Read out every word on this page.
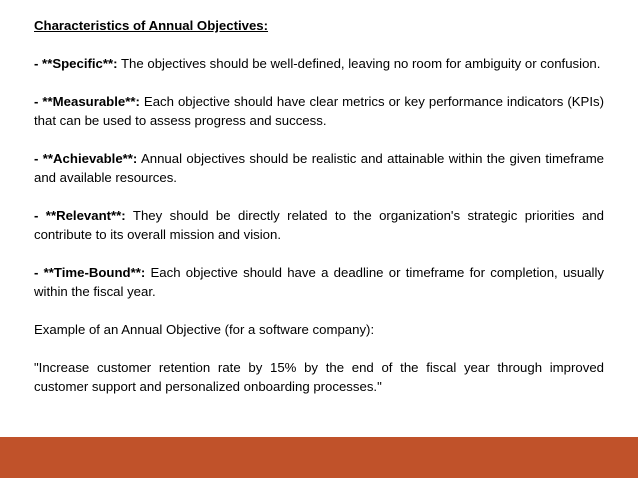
Characteristics of Annual Objectives:
- **Specific**: The objectives should be well-defined, leaving no room for ambiguity or confusion.
- **Measurable**: Each objective should have clear metrics or key performance indicators (KPIs) that can be used to assess progress and success.
- **Achievable**: Annual objectives should be realistic and attainable within the given timeframe and available resources.
- **Relevant**: They should be directly related to the organization's strategic priorities and contribute to its overall mission and vision.
- **Time-Bound**: Each objective should have a deadline or timeframe for completion, usually within the fiscal year.
Example of an Annual Objective (for a software company):
"Increase customer retention rate by 15% by the end of the fiscal year through improved customer support and personalized onboarding processes."
